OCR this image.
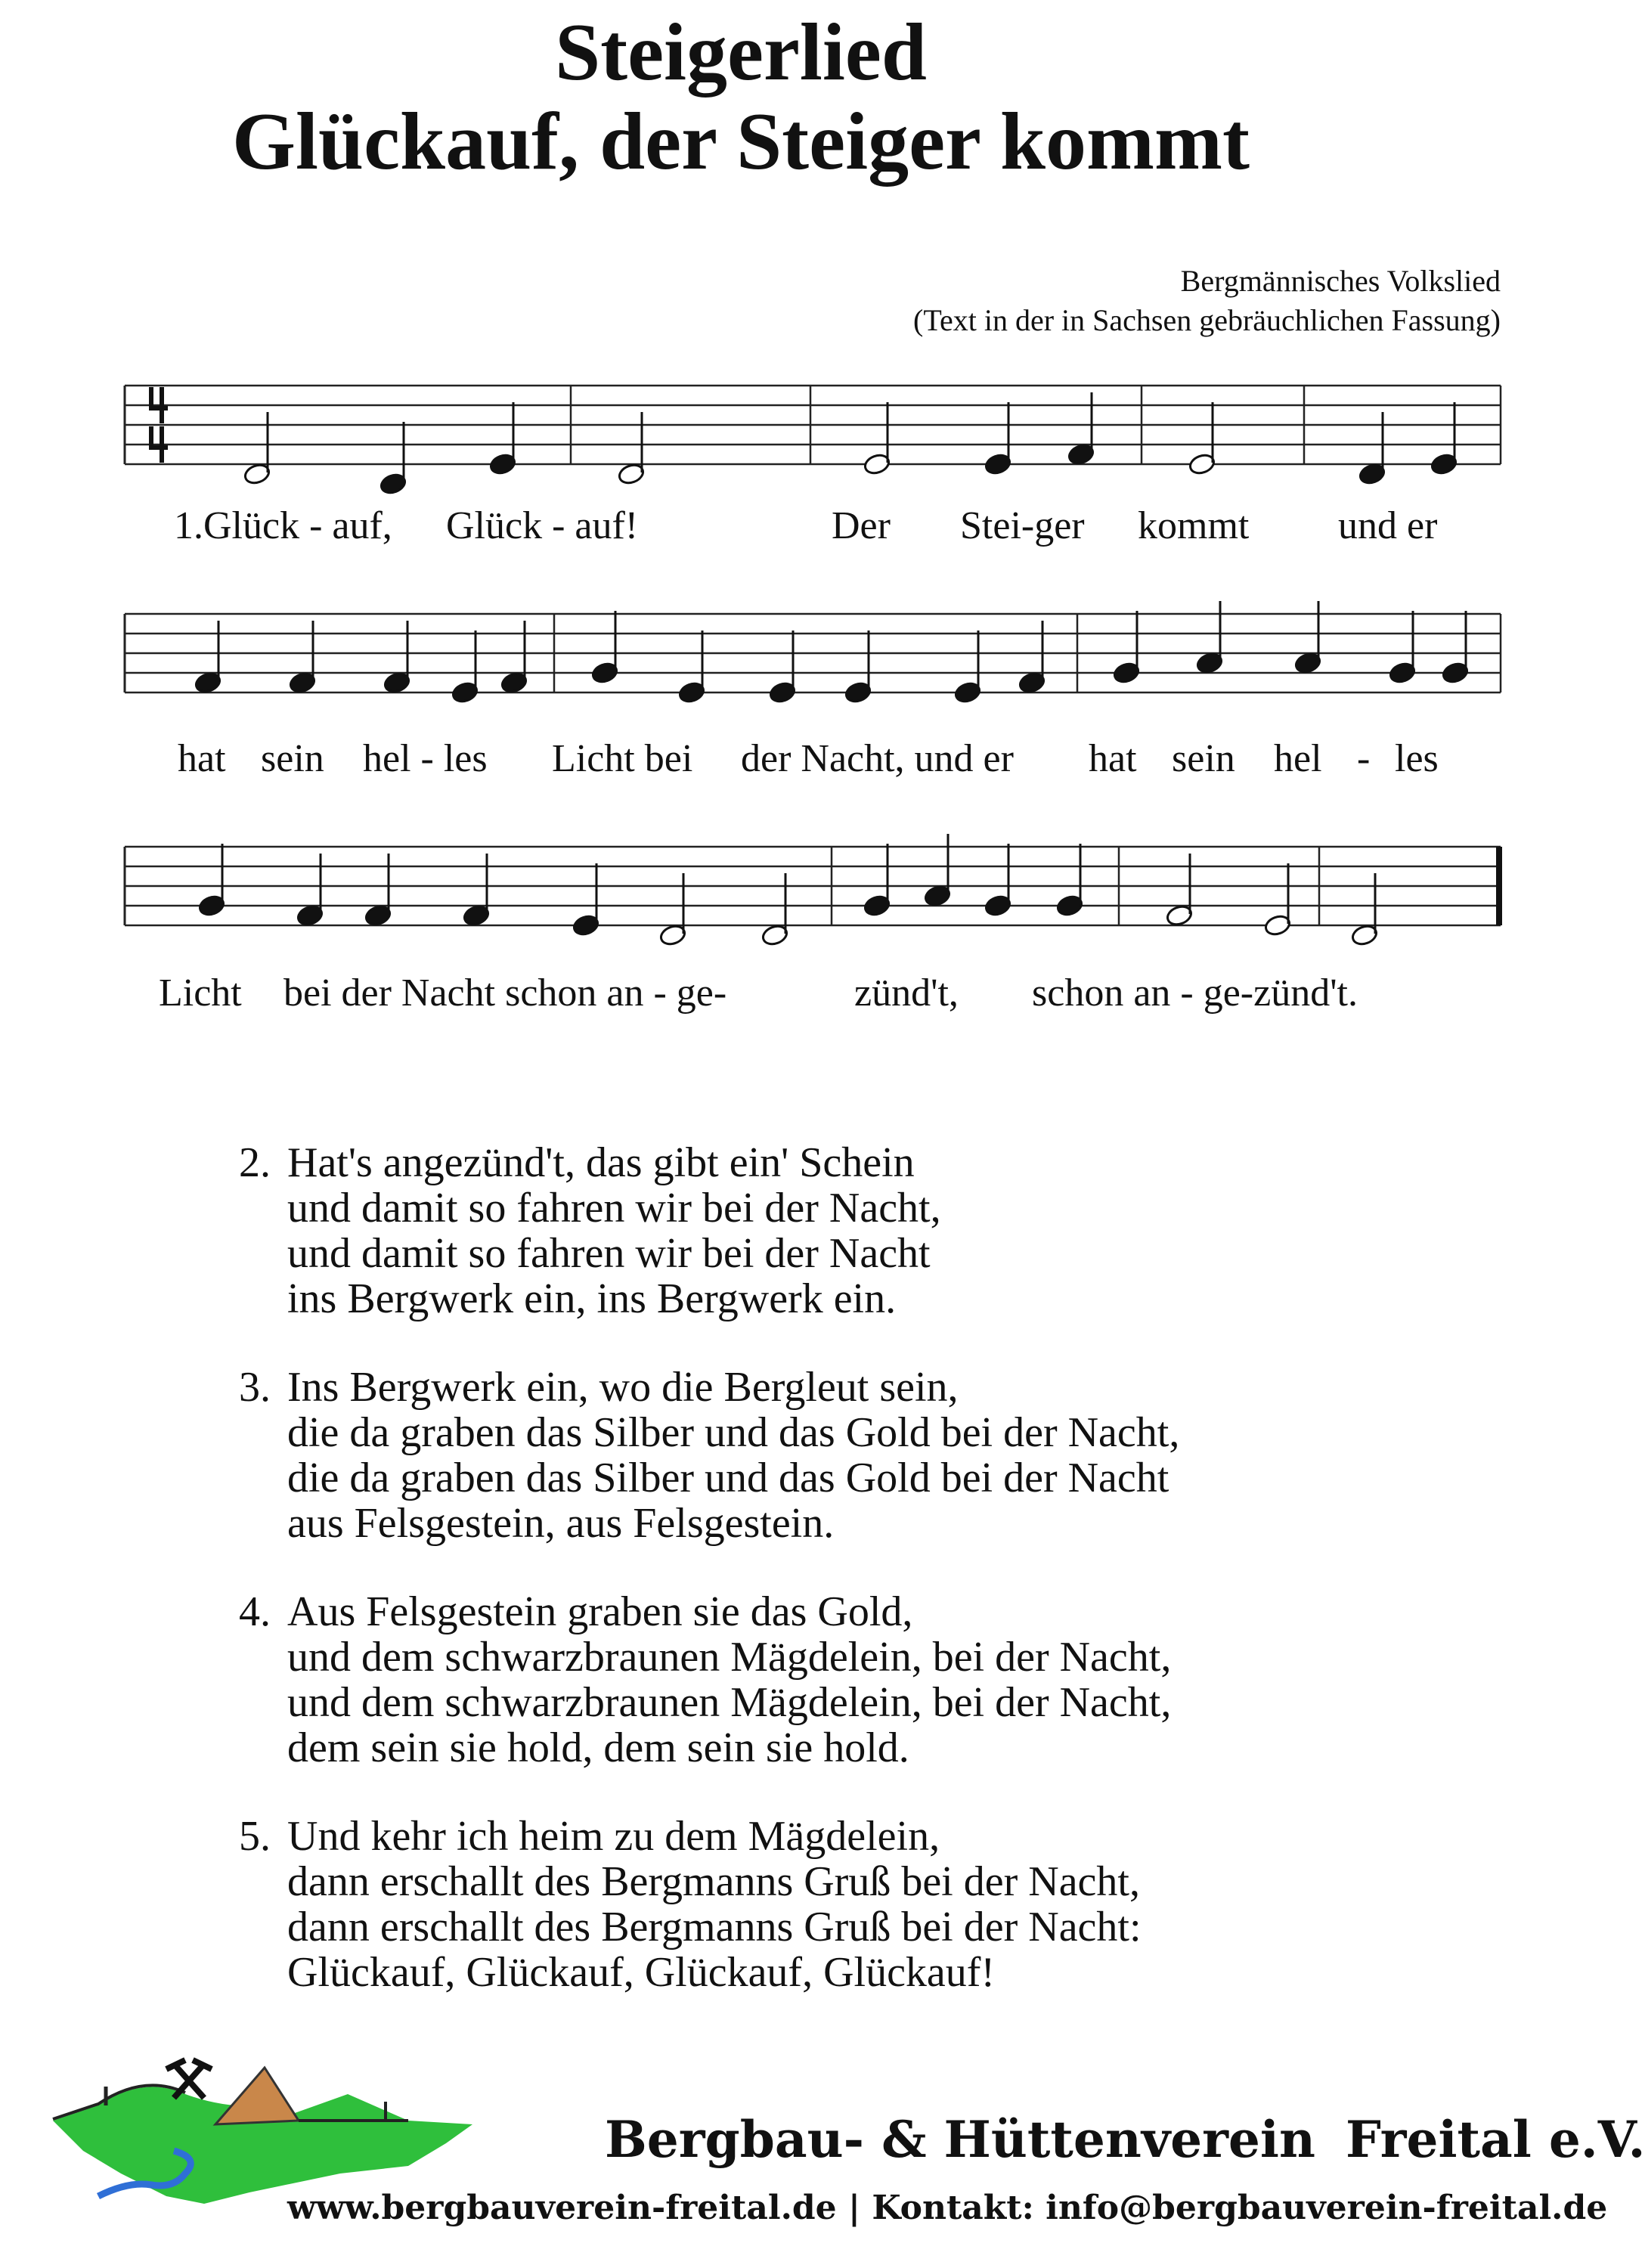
Steigerlied
Glückauf, der Steiger kommt
Bergmännisches Volkslied
(Text in der in Sachsen gebräuchlichen Fassung)
1.Glück - auf, Glück - auf!	Der Stei-ger kommt und er
hat sein hel - les Licht bei der Nacht, und er hat sein hel - les
Licht bei der Nacht schon an - ge-	zünd't, schon an - ge-zünd't.
2. Hat's angezünd't, das gibt ein' Schein
und damit so fahren wir bei der Nacht,
und damit so fahren wir bei der Nacht
ins Bergwerk ein, ins Bergwerk ein.
3. Ins Bergwerk ein, wo die Bergleut sein,
die da graben das Silber und das Gold bei der Nacht,
die da graben das Silber und das Gold bei der Nacht
aus Felsgestein, aus Felsgestein.
4. Aus Felsgestein graben sie das Gold,
und dem schwarzbraunen Mägdelein, bei der Nacht,
und dem schwarzbraunen Mägdelein, bei der Nacht,
dem sein sie hold, dem sein sie hold.
5. Und kehr ich heim zu dem Mägdelein,
dann erschallt des Bergmanns Gruß bei der Nacht,
dann erschallt des Bergmanns Gruß bei der Nacht:
Glückauf, Glückauf, Glückauf, Glückauf!
Bergbau- & Hüttenverein Freital e.V.
www.bergbauverein-freital.de | Kontakt: info@bergbauverein-freital.de
